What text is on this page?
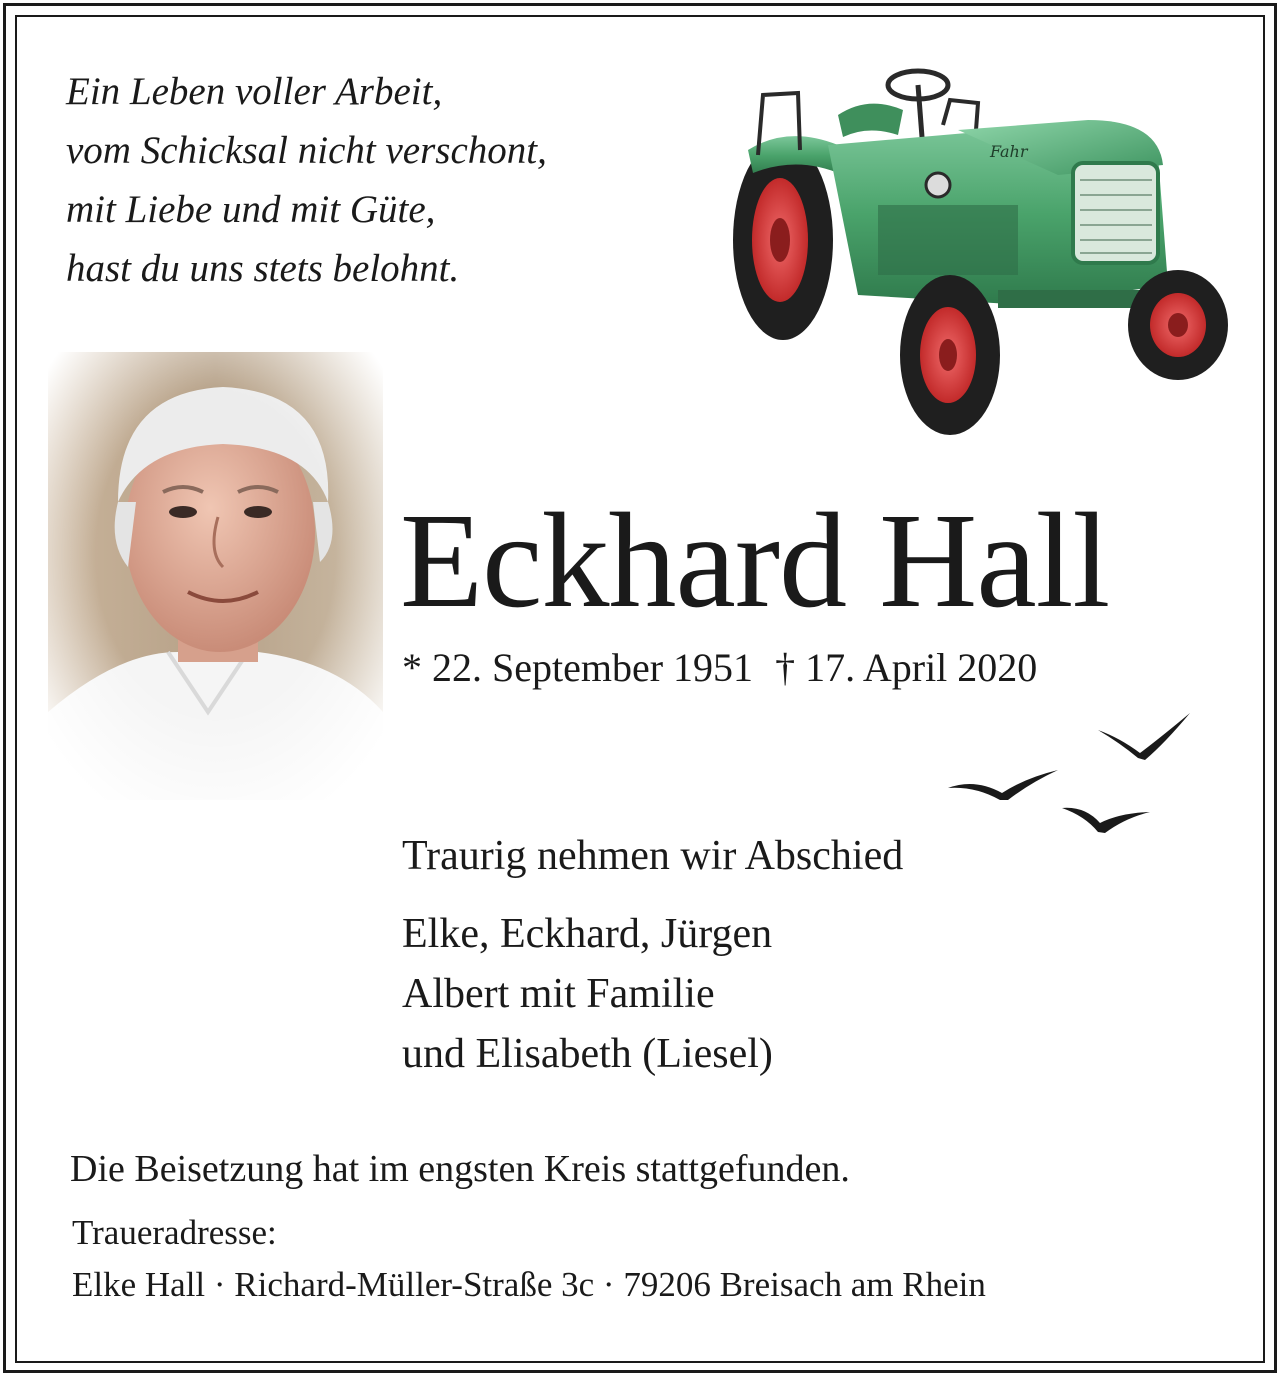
Ein Leben voller Arbeit,
vom Schicksal nicht verschont,
mit Liebe und mit Güte,
hast du uns stets belohnt.
Fahr
Eckhard Hall
* 22. September 1951 † 17. April 2020
Traurig nehmen wir Abschied
Elke, Eckhard, Jürgen
Albert mit Familie
und Elisabeth (Liesel)
Die Beisetzung hat im engsten Kreis stattgefunden.
Traueradresse:
Elke Hall · Richard-Müller-Straße 3c · 79206 Breisach am Rhein
